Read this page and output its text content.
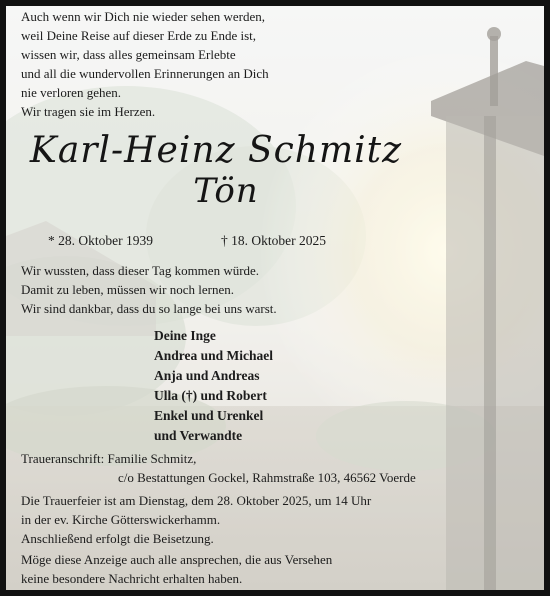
Auch wenn wir Dich nie wieder sehen werden,
weil Deine Reise auf dieser Erde zu Ende ist,
wissen wir, dass alles gemeinsam Erlebte
und all die wundervollen Erinnerungen an Dich
nie verloren gehen.
Wir tragen sie im Herzen.

Karl-Heinz Schmitz
Tön

* 28. Oktober 1939	† 18. Oktober 2025

Wir wussten, dass dieser Tag kommen würde.
Damit zu leben, müssen wir noch lernen.
Wir sind dankbar, dass du so lange bei uns warst.

Deine Inge
Andrea und Michael
Anja und Andreas
Ulla (†) und Robert
Enkel und Urenkel
und Verwandte

Traueranschrift: Familie Schmitz,

c/o Bestattungen Gockel, Rahmstraße 103, 46562 Voerde

Die Trauerfeier ist am Dienstag, dem 28. Oktober 2025, um 14 Uhr
in der ev. Kirche Götterswickerhamm.

Anschließend erfolgt die Beisetzung.

Möge diese Anzeige auch alle ansprechen, die aus Versehen
keine besondere Nachricht erhalten haben.
